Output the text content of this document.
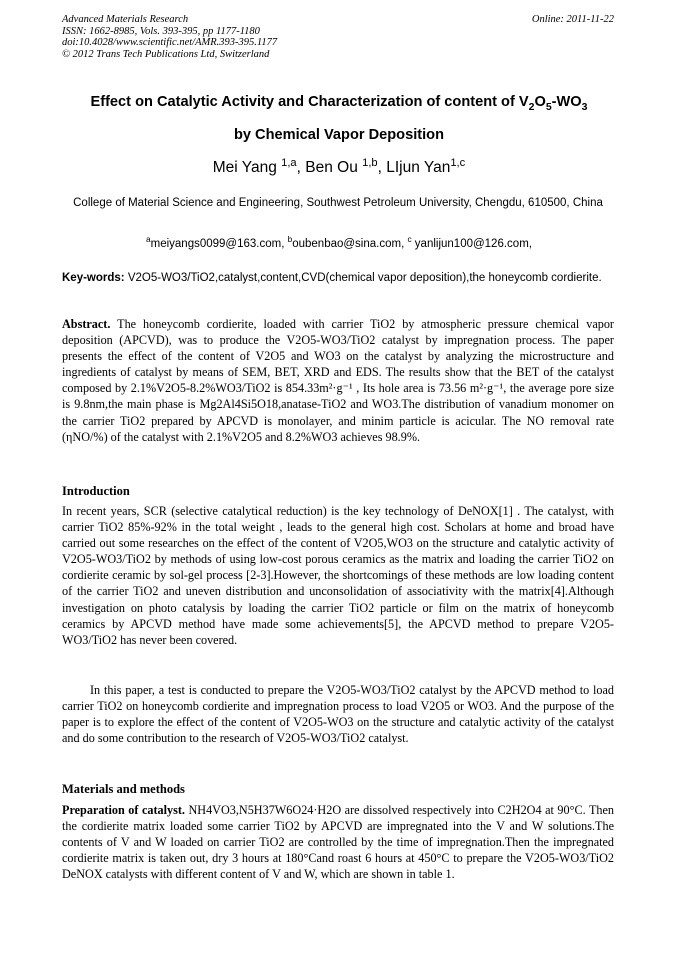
Advanced Materials Research
ISSN: 1662-8985, Vols. 393-395, pp 1177-1180
doi:10.4028/www.scientific.net/AMR.393-395.1177
© 2012 Trans Tech Publications Ltd, Switzerland
Online: 2011-11-22
Effect on Catalytic Activity and Characterization of content of $V_2O_5-WO_3$
by Chemical Vapor Deposition
Mei Yang $^{1,a}$, Ben Ou $^{1,b}$, LIjun Yan$^{1,c}$
College of Material Science and Engineering, Southwest Petroleum University, Chengdu, 610500, China
$^a$meiyangs0099@163.com, $^b$oubenbao@sina.com, $^c$ yanlijun100@126.com,
Key-words: V2O5-WO3/TiO2,catalyst,content,CVD(chemical vapor deposition),the honeycomb cordierite.
Abstract. The honeycomb cordierite, loaded with carrier TiO2 by atmospheric pressure chemical vapor deposition (APCVD), was to produce the V2O5-WO3/TiO2 catalyst by impregnation process. The paper presents the effect of the content of V2O5 and WO3 on the catalyst by analyzing the microstructure and ingredients of catalyst by means of SEM, BET, XRD and EDS. The results show that the BET of the catalyst composed by 2.1%V2O5-8.2%WO3/TiO2 is 854.33m²·g⁻¹ , Its hole area is 73.56 m²·g⁻¹, the average pore size is 9.8nm,the main phase is Mg2Al4Si5O18,anatase-TiO2 and WO3.The distribution of vanadium monomer on the carrier TiO2 prepared by APCVD is monolayer, and minim particle is acicular. The NO removal rate (ηNO/%) of the catalyst with 2.1%V2O5 and 8.2%WO3 achieves 98.9%.
Introduction
In recent years, SCR (selective catalytical reduction) is the key technology of DeNOX[1] . The catalyst, with carrier TiO2 85%-92% in the total weight , leads to the general high cost. Scholars at home and broad have carried out some researches on the effect of the content of V2O5,WO3 on the structure and catalytic activity of V2O5-WO3/TiO2 by methods of using low-cost porous ceramics as the matrix and loading the carrier TiO2 on cordierite ceramic by sol-gel process [2-3].However, the shortcomings of these methods are low loading content of the carrier TiO2 and uneven distribution and unconsolidation of associativity with the matrix[4].Although investigation on photo catalysis by loading the carrier TiO2 particle or film on the matrix of honeycomb ceramics by APCVD method have made some achievements[5], the APCVD method to prepare V2O5-WO3/TiO2 has never been covered.
In this paper, a test is conducted to prepare the V2O5-WO3/TiO2 catalyst by the APCVD method to load carrier TiO2 on honeycomb cordierite and impregnation process to load V2O5 or WO3. And the purpose of the paper is to explore the effect of the content of V2O5-WO3 on the structure and catalytic activity of the catalyst and do some contribution to the research of V2O5-WO3/TiO2 catalyst.
Materials and methods
Preparation of catalyst. NH4VO3,N5H37W6O24·H2O are dissolved respectively into C2H2O4 at 90°C. Then the cordierite matrix loaded some carrier TiO2 by APCVD are impregnated into the V and W solutions.The contents of V and W loaded on carrier TiO2 are controlled by the time of impregnation.Then the impregnated cordierite matrix is taken out, dry 3 hours at 180°Cand roast 6 hours at 450°C to prepare the V2O5-WO3/TiO2 DeNOX catalysts with different content of V and W, which are shown in table 1.
